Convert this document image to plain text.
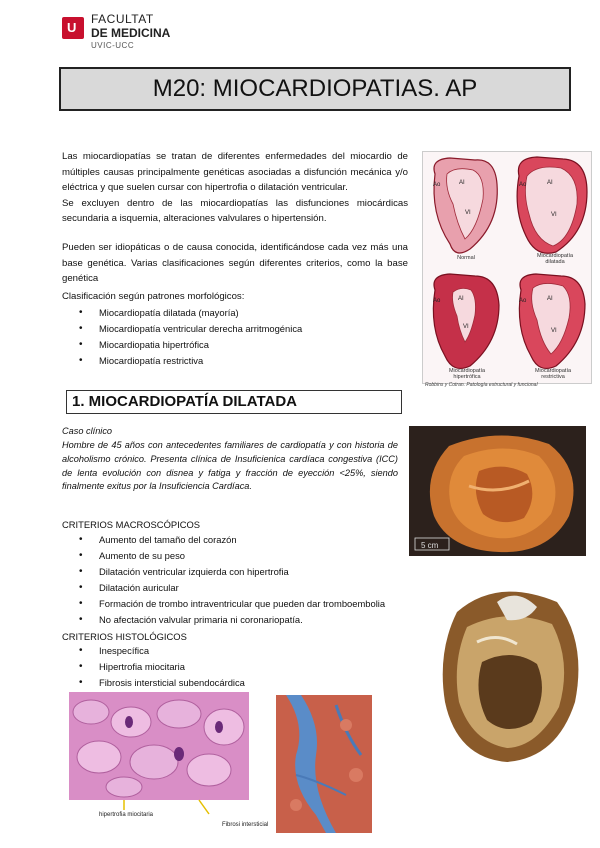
U
FACULTAT
DE MEDICINA
UVIC-UCC
M20: MIOCARDIOPATIAS. AP
Las miocardiopatías se tratan de diferentes enfermedades del miocardio de múltiples causas principalmente genéticas asociadas a disfunción mecánica y/o eléctrica y que suelen cursar con hipertrofia o dilatación ventricular.
Se excluyen dentro de las miocardiopatías las disfunciones miocárdicas secundaria a isquemia, alteraciones valvulares o hipertensión.
Pueden ser idiopáticas o de causa conocida, identificándose cada vez más una base genética. Varias clasificaciones según diferentes criterios, como la base genética
Clasificación según patrones morfológicos:
• Miocardiopatía dilatada (mayoría)
• Miocardiopatía ventricular derecha arritmogénica
• Miocardiopatia hipertrófica
• Miocardiopatía restrictiva
Ao	AI
VI
Ao	AI
VI
Ao	AI
VI
Ao	AI
VI
Normal	Miocardiopatía dilatada
Miocardiopatía hipertrófica
Miocardiopatía restrictiva
Robbins y Cotran. Patología estructural y funcional
1. MIOCARDIOPATÍA DILATADA
Caso clínico
Hombre de 45 años con antecedentes familiares de cardiopatía y con historia de alcoholismo crónico. Presenta clínica de Insuficienica cardíaca congestiva (ICC) de lenta evolución con disnea y fatiga y fracción de eyección <25%, siendo finalmente exitus por la Insuficiencia Cardíaca.
CRITERIOS MACROSCÓPICOS
• Aumento del tamaño del corazón
• Aumento de su peso
• Dilatación ventricular izquierda con hipertrofia
• Dilatación auricular
• Formación de trombo intraventricular que pueden dar tromboembolia
• No afectación valvular primaria ni coronariopatía.
CRITERIOS HISTOLÓGICOS
• Inespecífica
• Hipertrofia miocitaria
• Fibrosis intersticial subendocárdica
5 cm
hipertrofia miocitaria
Fibrosi intersticial
